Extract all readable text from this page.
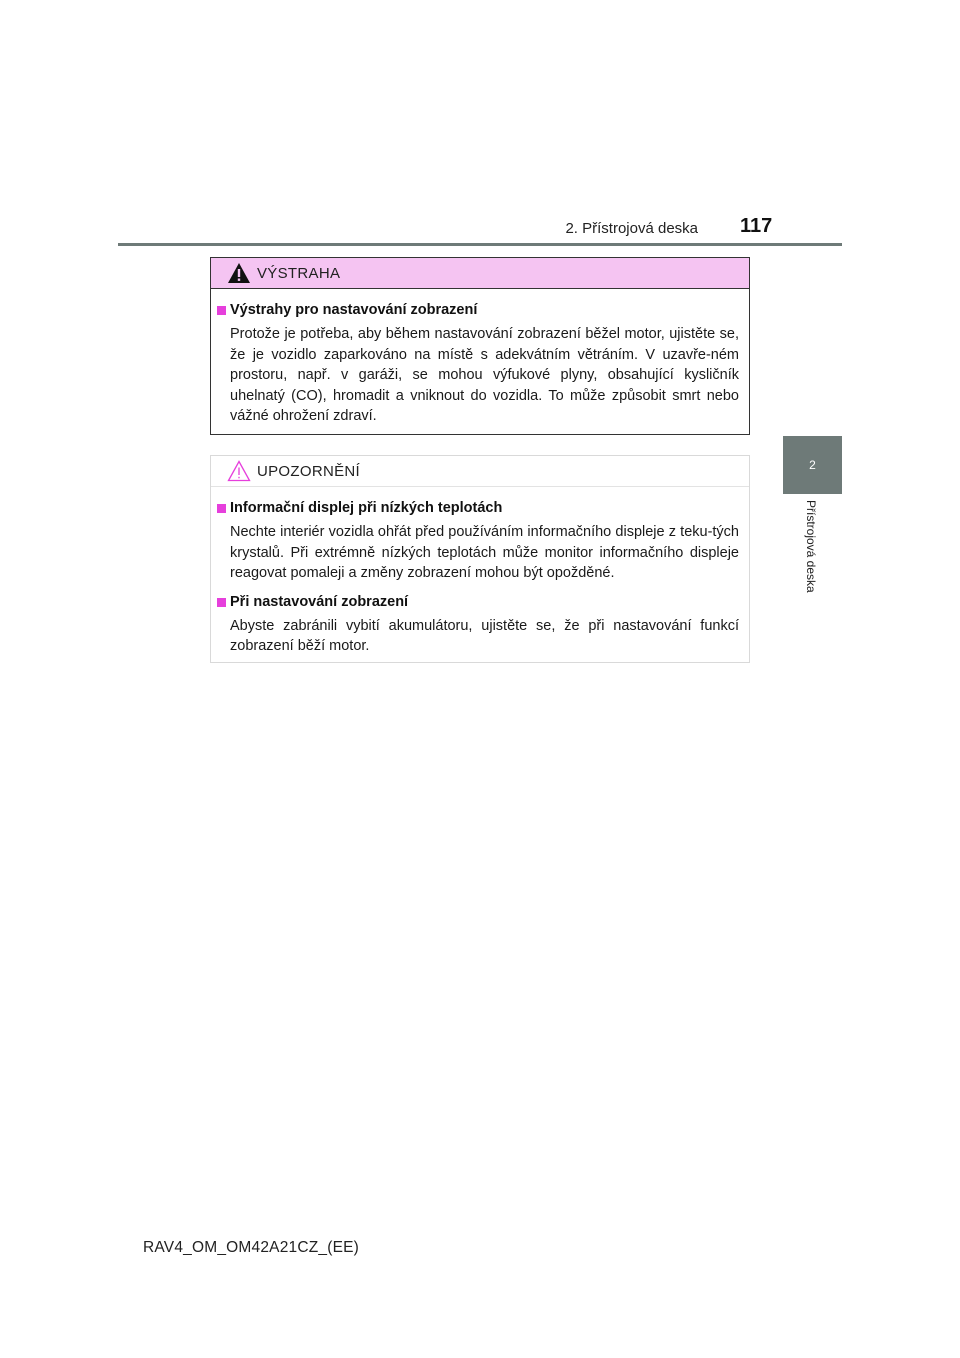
2. Přístrojová deska 117
2
Přístrojová deska
VÝSTRAHA
Výstrahy pro nastavování zobrazení
Protože je potřeba, aby během nastavování zobrazení běžel motor, ujistěte se, že je vozidlo zaparkováno na místě s adekvátním větráním. V uzavře-ném prostoru, např. v garáži, se mohou výfukové plyny, obsahující kysličník uhelnatý (CO), hromadit a vniknout do vozidla. To může způsobit smrt nebo vážné ohrožení zdraví.
UPOZORNĚNÍ
Informační displej při nízkých teplotách
Nechte interiér vozidla ohřát před používáním informačního displeje z teku-tých krystalů. Při extrémně nízkých teplotách může monitor informačního displeje reagovat pomaleji a změny zobrazení mohou být opožděné.
Při nastavování zobrazení
Abyste zabránili vybití akumulátoru, ujistěte se, že při nastavování funkcí zobrazení běží motor.
RAV4_OM_OM42A21CZ_(EE)
